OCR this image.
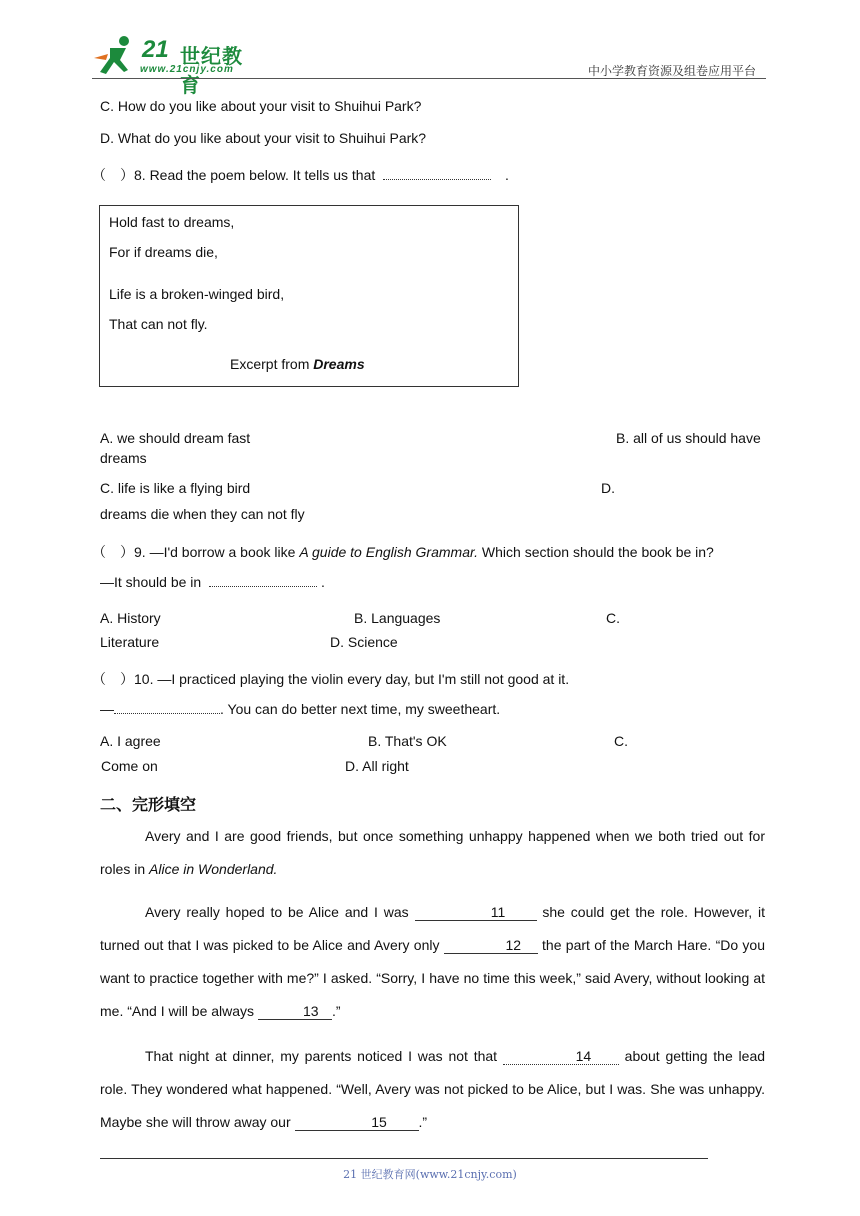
21 世纪教育
www.21cnjy.com	中小学教育资源及组卷应用平台
C. How do you like about your visit to Shuihui Park?
D. What do you like about your visit to Shuihui Park?
（　）8. Read the poem below. It tells us that	.
Hold fast to dreams,
For if dreams die,
Life is a broken-winged bird,
That can not fly.
Excerpt from Dreams
A. we should dream fast	B. all of us should have
dreams
C. life is like a flying bird	D.
dreams die when they can not fly
（　）9. —I'd borrow a book like A guide to English Grammar. Which section should the book be in?
—It should be in	.
A. History	B. Languages	C.
Literature	D. Science
（　）10. —I practiced playing the violin every day, but I'm still not good at it.
—	. You can do better next time, my sweetheart.
A. I agree	B. That's OK	C.
Come on	D. All right
二、完形填空
Avery and I are good friends, but once something unhappy happened when we both tried out for roles in Alice in Wonderland.
Avery really hoped to be Alice and I was	11	she could get the role. However, it turned out that I was picked to be Alice and Avery only	12 the part of the March Hare. “Do you want to practice together with me?” I asked. “Sorry, I have no time this week,” said Avery, without looking at me. “And I will be always	13 .”
That night at dinner, my parents noticed I was not that	14 about getting the lead role. They wondered what happened. “Well, Avery was not picked to be Alice, but I was. She was unhappy. Maybe she will throw away our	15 .”
21 世纪教育网(www.21cnjy.com)
